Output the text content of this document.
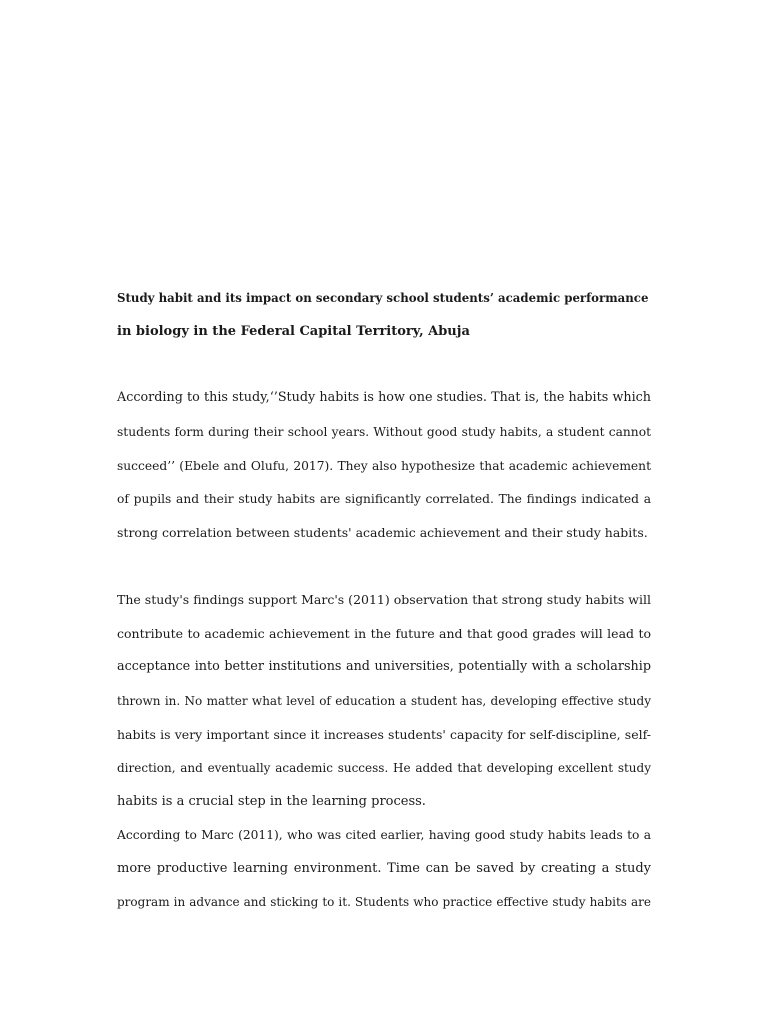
Study habit and its impact on secondary school students’ academic performance
in biology in the Federal Capital Territory, Abuja
According to this study,‘’Study habits is how one studies. That is, the habits which
students form during their school years. Without good study habits, a student cannot
succeed’’ (Ebele and Olufu, 2017). They also hypothesize that academic achievement
of pupils and their study habits are significantly correlated. The findings indicated a
strong correlation between students' academic achievement and their study habits.
The study's findings support Marc's (2011) observation that strong study habits will
contribute to academic achievement in the future and that good grades will lead to
acceptance into better institutions and universities, potentially with a scholarship
thrown in. No matter what level of education a student has, developing effective study
habits is very important since it increases students' capacity for self-discipline, self-
direction, and eventually academic success. He added that developing excellent study
habits is a crucial step in the learning process.
According to Marc (2011), who was cited earlier, having good study habits leads to a
more productive learning environment. Time can be saved by creating a study
program in advance and sticking to it. Students who practice effective study habits are
